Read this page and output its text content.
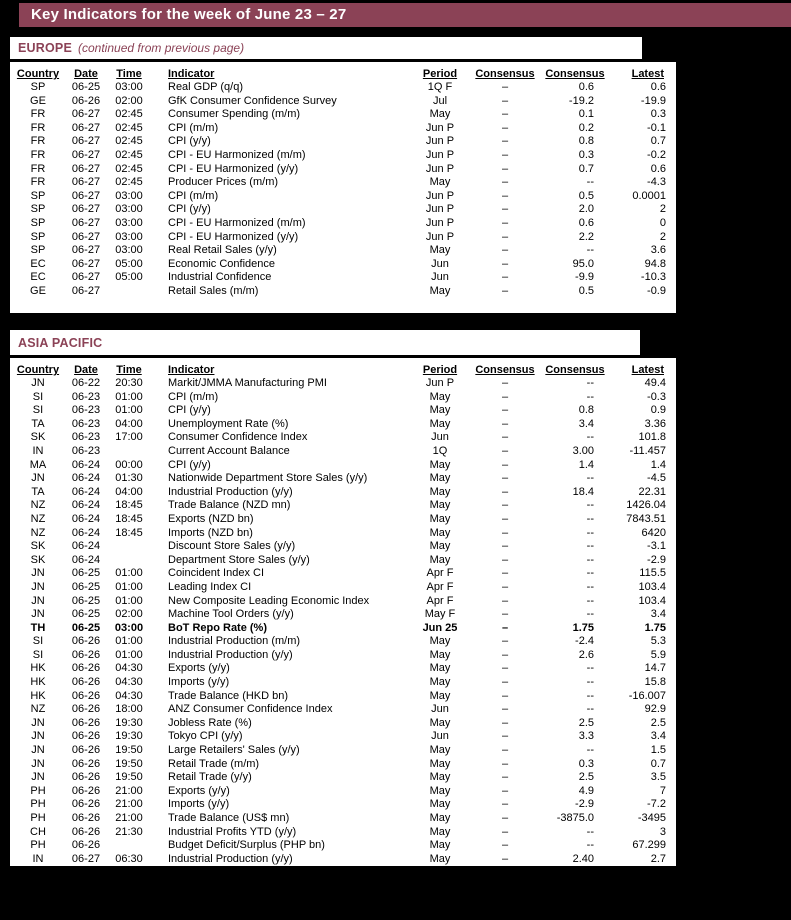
Key Indicators for the week of June 23 – 27
EUROPE (continued from previous page)
Country	Date	Time	Indicator	Period	Consensus	Consensus	Latest
SP	06-25	03:00	Real GDP (q/q)	1Q F	–	0.6	0.6
GE	06-26	02:00	GfK Consumer Confidence Survey	Jul	–	-19.2	-19.9
FR	06-27	02:45	Consumer Spending (m/m)	May	–	0.1	0.3
FR	06-27	02:45	CPI (m/m)	Jun P	–	0.2	-0.1
FR	06-27	02:45	CPI (y/y)	Jun P	–	0.8	0.7
FR	06-27	02:45	CPI - EU Harmonized (m/m)	Jun P	–	0.3	-0.2
FR	06-27	02:45	CPI - EU Harmonized (y/y)	Jun P	–	0.7	0.6
FR	06-27	02:45	Producer Prices (m/m)	May	–	--	-4.3
SP	06-27	03:00	CPI (m/m)	Jun P	–	0.5	0.0001
SP	06-27	03:00	CPI (y/y)	Jun P	–	2.0	2
SP	06-27	03:00	CPI - EU Harmonized (m/m)	Jun P	–	0.6	0
SP	06-27	03:00	CPI - EU Harmonized (y/y)	Jun P	–	2.2	2
SP	06-27	03:00	Real Retail Sales (y/y)	May	–	--	3.6
EC	06-27	05:00	Economic Confidence	Jun	–	95.0	94.8
EC	06-27	05:00	Industrial Confidence	Jun	–	-9.9	-10.3
GE	06-27		Retail Sales (m/m)	May	–	0.5	-0.9
ASIA PACIFIC
Country	Date	Time	Indicator	Period	Consensus	Consensus	Latest
JN	06-22	20:30	Markit/JMMA Manufacturing PMI	Jun P	–	--	49.4
SI	06-23	01:00	CPI (m/m)	May	–	--	-0.3
SI	06-23	01:00	CPI (y/y)	May	–	0.8	0.9
TA	06-23	04:00	Unemployment Rate (%)	May	–	3.4	3.36
SK	06-23	17:00	Consumer Confidence Index	Jun	–	--	101.8
IN	06-23		Current Account Balance	1Q	–	3.00	-11.457
MA	06-24	00:00	CPI (y/y)	May	–	1.4	1.4
JN	06-24	01:30	Nationwide Department Store Sales (y/y)	May	–	--	-4.5
TA	06-24	04:00	Industrial Production (y/y)	May	–	18.4	22.31
NZ	06-24	18:45	Trade Balance (NZD mn)	May	–	--	1426.04
NZ	06-24	18:45	Exports (NZD bn)	May	–	--	7843.51
NZ	06-24	18:45	Imports (NZD bn)	May	–	--	6420
SK	06-24		Discount Store Sales (y/y)	May	–	--	-3.1
SK	06-24		Department Store Sales (y/y)	May	–	--	-2.9
JN	06-25	01:00	Coincident Index CI	Apr F	–	--	115.5
JN	06-25	01:00	Leading Index CI	Apr F	–	--	103.4
JN	06-25	01:00	New Composite Leading Economic Index	Apr F	–	--	103.4
JN	06-25	02:00	Machine Tool Orders (y/y)	May F	–	--	3.4
TH	06-25	03:00	BoT Repo Rate (%)	Jun 25	–	1.75	1.75
SI	06-26	01:00	Industrial Production (m/m)	May	–	-2.4	5.3
SI	06-26	01:00	Industrial Production (y/y)	May	–	2.6	5.9
HK	06-26	04:30	Exports (y/y)	May	–	--	14.7
HK	06-26	04:30	Imports (y/y)	May	–	--	15.8
HK	06-26	04:30	Trade Balance (HKD bn)	May	–	--	-16.007
NZ	06-26	18:00	ANZ Consumer Confidence Index	Jun	–	--	92.9
JN	06-26	19:30	Jobless Rate (%)	May	–	2.5	2.5
JN	06-26	19:30	Tokyo CPI (y/y)	Jun	–	3.3	3.4
JN	06-26	19:50	Large Retailers' Sales (y/y)	May	–	--	1.5
JN	06-26	19:50	Retail Trade (m/m)	May	–	0.3	0.7
JN	06-26	19:50	Retail Trade (y/y)	May	–	2.5	3.5
PH	06-26	21:00	Exports (y/y)	May	–	4.9	7
PH	06-26	21:00	Imports (y/y)	May	–	-2.9	-7.2
PH	06-26	21:00	Trade Balance (US$ mn)	May	–	-3875.0	-3495
CH	06-26	21:30	Industrial Profits YTD (y/y)	May	–	--	3
PH	06-26		Budget Deficit/Surplus (PHP bn)	May	–	--	67.299
IN	06-27	06:30	Industrial Production (y/y)	May	–	2.40	2.7
